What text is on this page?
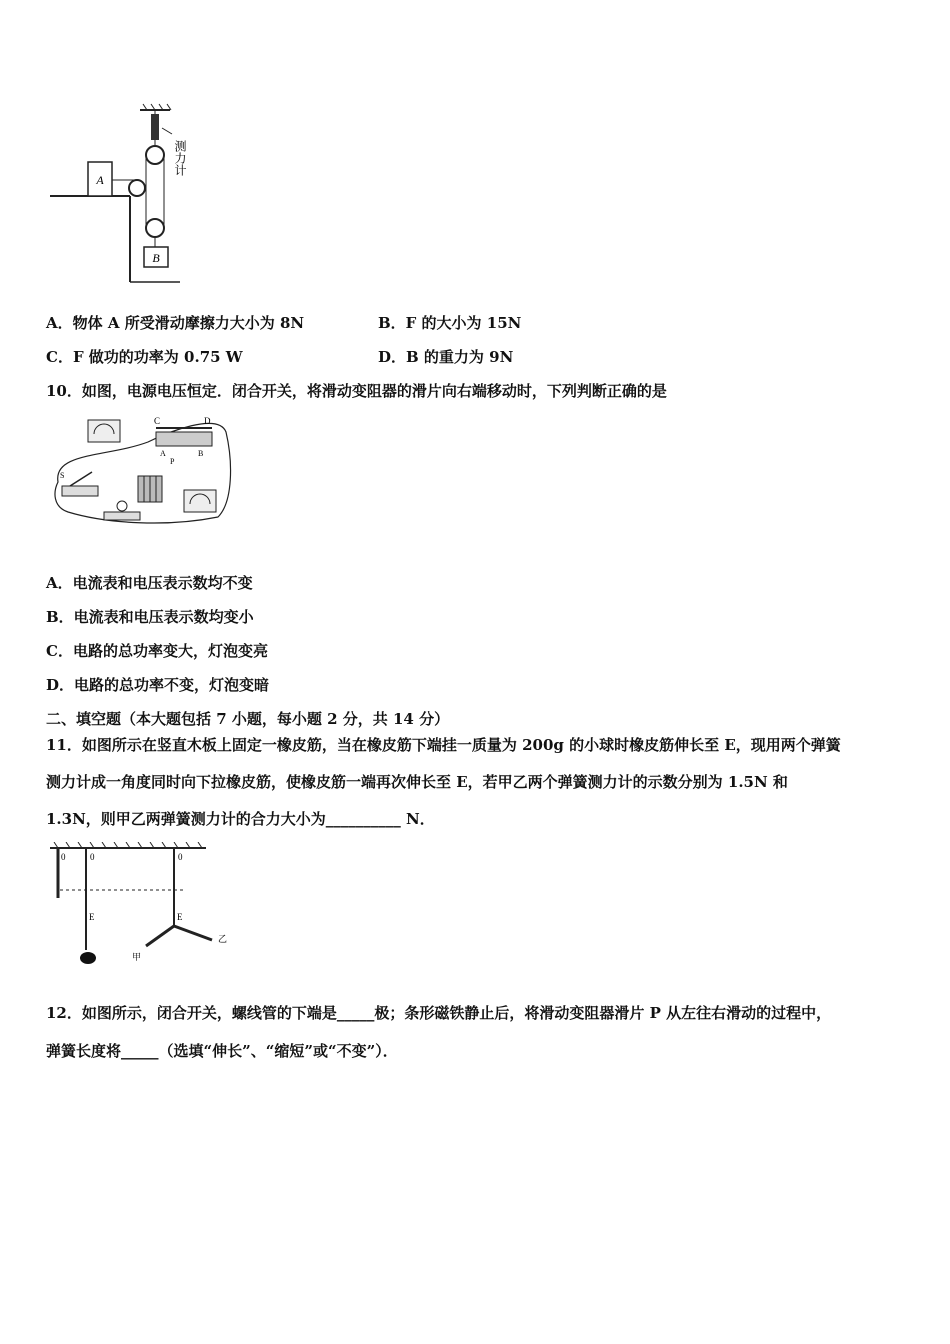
B
A
测力计
A．物体 A 所受滑动摩擦力大小为 8N	B．F 的大小为 15N
C．F 做功的功率为 0.75 W	D．B 的重力为 9N
10．如图，电源电压恒定．闭合开关，将滑动变阻器的滑片向右端移动时，下列判断正确的是
C	D
A	B
P
S
A．电流表和电压表示数均不变
B．电流表和电压表示数均变小
C．电路的总功率变大，灯泡变亮
D．电路的总功率不变，灯泡变暗
二、填空题（本大题包括 7 小题，每小题 2 分，共 14 分）
11．如图所示在竖直木板上固定一橡皮筋，当在橡皮筋下端挂一质量为 200g 的小球时橡皮筋伸长至 E，现用两个弹簧
测力计成一角度同时向下拉橡皮筋，使橡皮筋一端再次伸长至 E，若甲乙两个弹簧测力计的示数分别为 1.5N 和
1.3N，则甲乙两弹簧测力计的合力大小为__________ N．
0	0
E
0
E
甲
乙
12．如图所示，闭合开关，螺线管的下端是_____极；条形磁铁静止后，将滑动变阻器滑片 P 从左往右滑动的过程中，
弹簧长度将_____（选填“伸长”、“缩短”或“不变”）．
